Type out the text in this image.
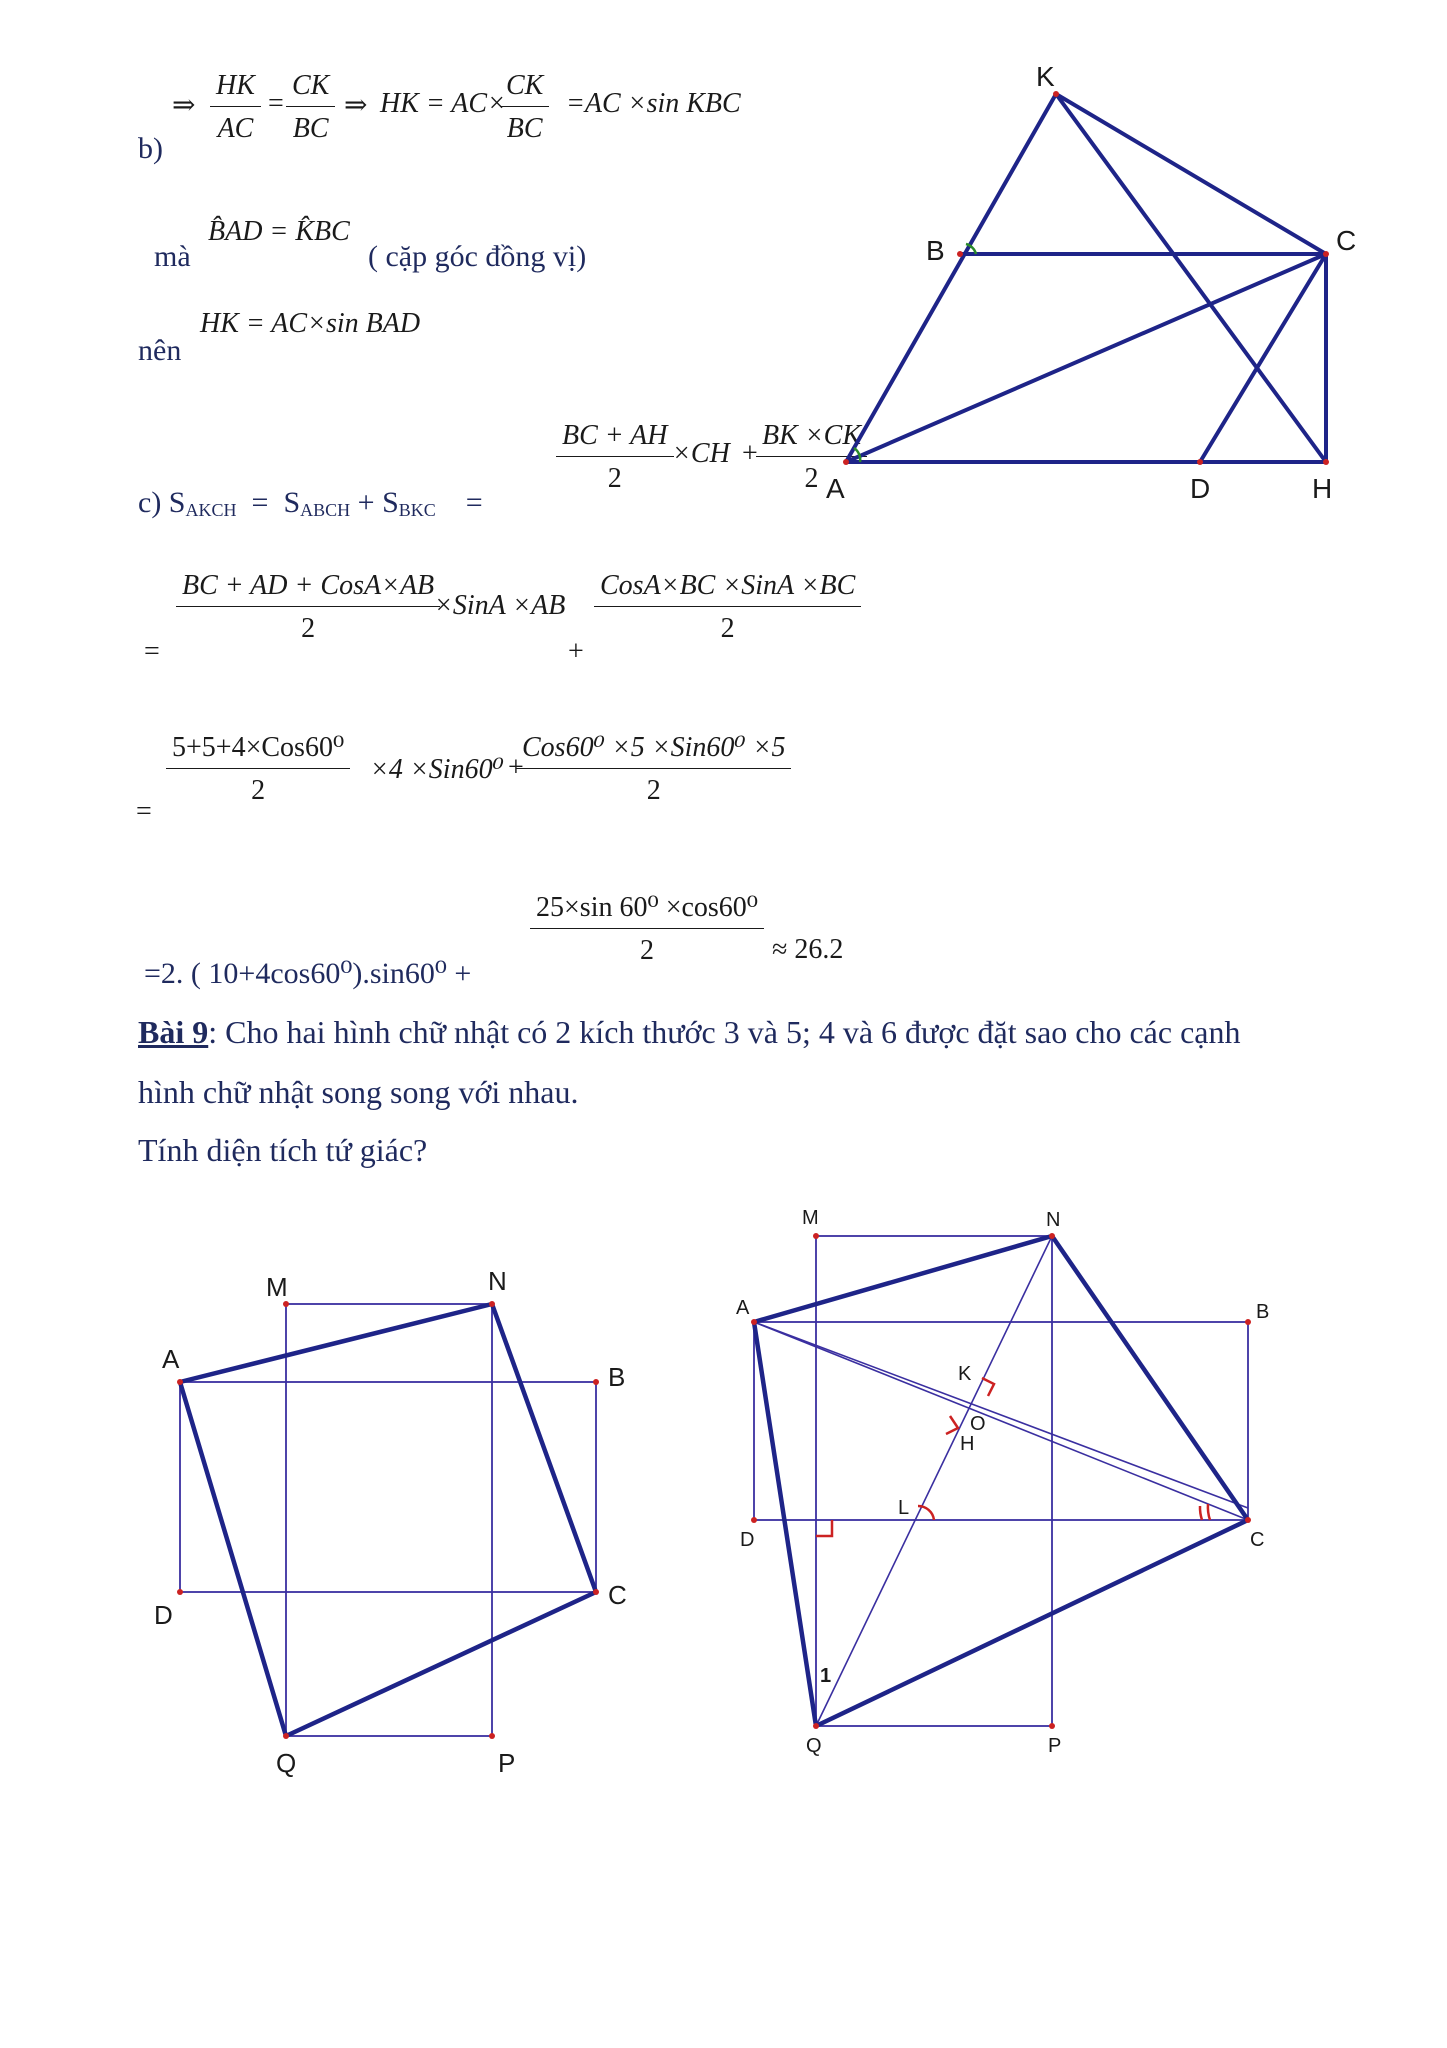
b)
⇒ $\frac{HK}{AC} = \frac{CK}{BC}$ ⇒ HK = AC×
$\frac{CK}{BC} =AC \times\sin$ KBC
mà
B̂AD = K̂BC
( cặp góc đồng vị)
nên
HK = AC×sin BAD
c) $S_{AKCH} = S_{ABCH} + S_{BKC}$ =
$\frac{BC + AH}{2}$
×CH +
$\frac{BK \times CK}{2}$
=
BC + AD + CosA×AB
2
×SinA ×AB
+
CosA×BC ×SinA ×BC
2
=
5+5+4×Cos60⁰
2
×4 ×Sin60⁰ +
Cos60⁰ ×5 ×Sin60⁰ ×5
2
=2. ( 10+4cos60⁰).sin60⁰ +
$\frac{\text{25×sin 60⁰ ×cos60⁰}}{2} \approx 26.2$
Bài 9: Cho hai hình chữ nhật có 2 kích thước 3 và 5; 4 và 6 được đặt sao cho các cạnh
hình chữ nhật song song với nhau.
Tính diện tích tứ giác?
K
B	C
A	D	H
M	N
A
B
D
C
Q	P
M	N
A	B
K
O
H
D
L
C
1
Q	P
